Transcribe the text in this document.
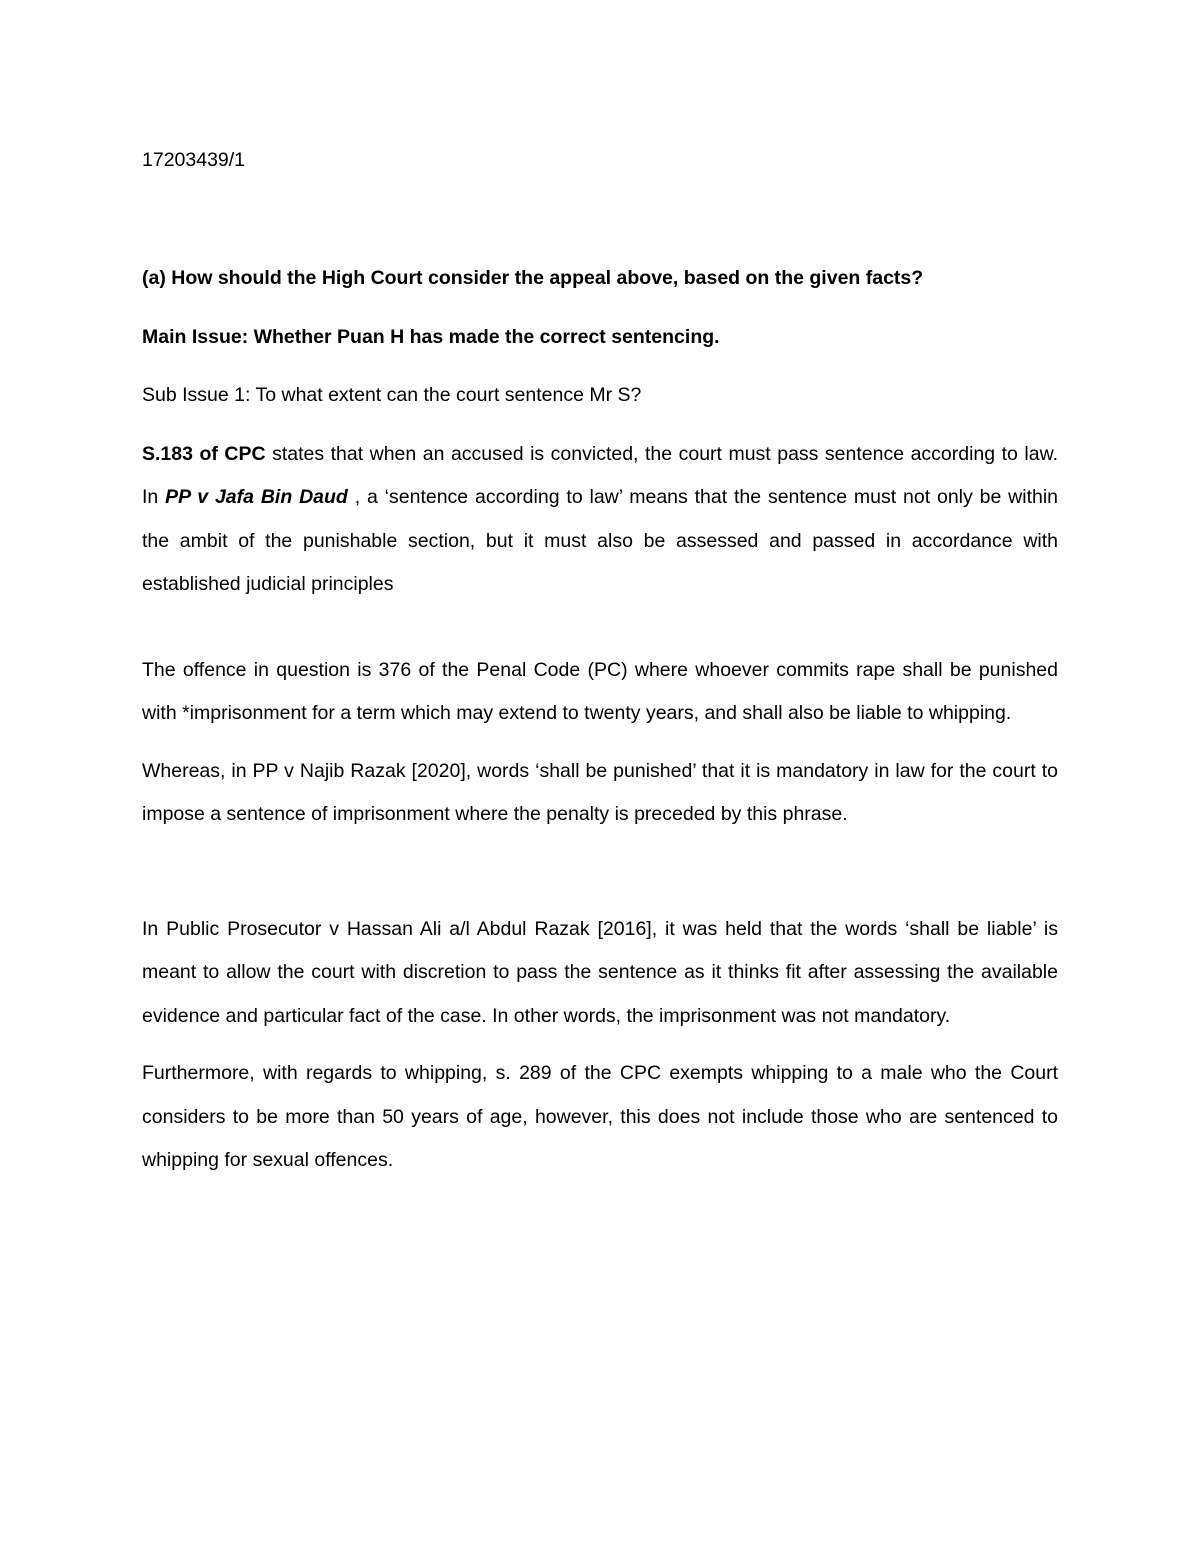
17203439/1

(a) How should the High Court consider the appeal above, based on the given facts?

Main Issue: Whether Puan H has made the correct sentencing.

Sub Issue 1: To what extent can the court sentence Mr S?

S.183 of CPC states that when an accused is convicted, the court must pass sentence according to law. In PP v Jafa Bin Daud , a ‘sentence according to law’ means that the sentence must not only be within the ambit of the punishable section, but it must also be assessed and passed in accordance with established judicial principles

The offence in question is 376 of the Penal Code (PC) where whoever commits rape shall be punished with *imprisonment for a term which may extend to twenty years, and shall also be liable to whipping.

Whereas, in PP v Najib Razak [2020], words ‘shall be punished’ that it is mandatory in law for the court to impose a sentence of imprisonment where the penalty is preceded by this phrase.

In Public Prosecutor v Hassan Ali a/l Abdul Razak [2016], it was held that the words ‘shall be liable’ is meant to allow the court with discretion to pass the sentence as it thinks fit after assessing the available evidence and particular fact of the case. In other words, the imprisonment was not mandatory.

Furthermore, with regards to whipping, s. 289 of the CPC exempts whipping to a male who the Court considers to be more than 50 years of age, however, this does not include those who are sentenced to whipping for sexual offences.
